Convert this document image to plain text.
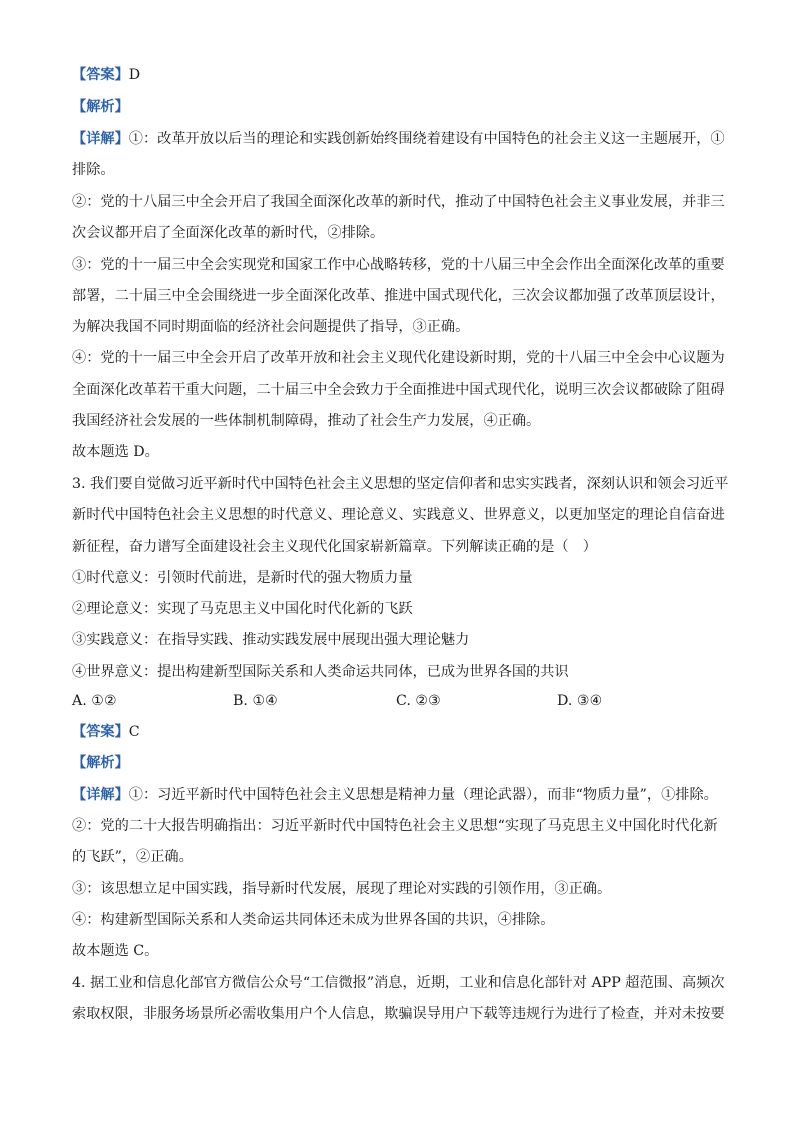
【答案】D
【解析】
【详解】①：改革开放以后当的理论和实践创新始终围绕着建设有中国特色的社会主义这一主题展开，①
排除。
②：党的十八届三中全会开启了我国全面深化改革的新时代，推动了中国特色社会主义事业发展，并非三
次会议都开启了全面深化改革的新时代，②排除。
③：党的十一届三中全会实现党和国家工作中心战略转移，党的十八届三中全会作出全面深化改革的重要
部署，二十届三中全会围绕进一步全面深化改革、推进中国式现代化，三次会议都加强了改革顶层设计，
为解决我国不同时期面临的经济社会问题提供了指导，③正确。
④：党的十一届三中全会开启了改革开放和社会主义现代化建设新时期，党的十八届三中全会中心议题为
全面深化改革若干重大问题，二十届三中全会致力于全面推进中国式现代化，说明三次会议都破除了阻碍
我国经济社会发展的一些体制机制障碍，推动了社会生产力发展，④正确。
故本题选 D。
3. 我们要自觉做习近平新时代中国特色社会主义思想的坚定信仰者和忠实实践者，深刻认识和领会习近平
新时代中国特色社会主义思想的时代意义、理论意义、实践意义、世界意义，以更加坚定的理论自信奋进
新征程，奋力谱写全面建设社会主义现代化国家崭新篇章。下列解读正确的是（　）
①时代意义：引领时代前进，是新时代的强大物质力量
②理论意义：实现了马克思主义中国化时代化新的飞跃
③实践意义：在指导实践、推动实践发展中展现出强大理论魅力
④世界意义：提出构建新型国际关系和人类命运共同体，已成为世界各国的共识
A. ①②	B. ①④	C. ②③	D. ③④
【答案】C
【解析】
【详解】①：习近平新时代中国特色社会主义思想是精神力量（理论武器），而非“物质力量”，①排除。
②：党的二十大报告明确指出：习近平新时代中国特色社会主义思想“实现了马克思主义中国化时代化新
的飞跃”，②正确。
③：该思想立足中国实践，指导新时代发展，展现了理论对实践的引领作用，③正确。
④：构建新型国际关系和人类命运共同体还未成为世界各国的共识，④排除。
故本题选 C。
4. 据工业和信息化部官方微信公众号“工信微报”消息，近期，工业和信息化部针对 APP 超范围、高频次
索取权限，非服务场景所必需收集用户个人信息，欺骗误导用户下载等违规行为进行了检查，并对未按要
